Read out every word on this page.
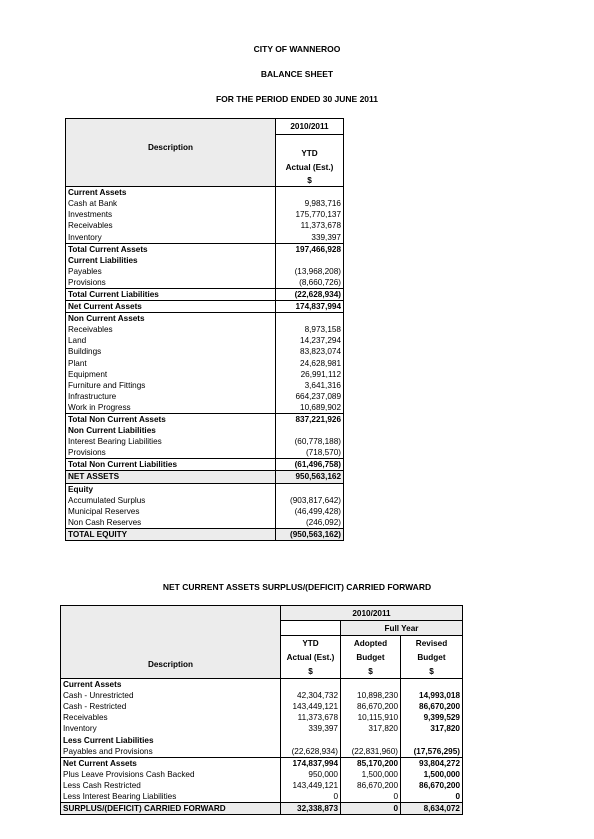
CITY OF WANNEROO
BALANCE SHEET
FOR THE PERIOD ENDED 30 JUNE 2011
Description	2010/2011

	YTD
	Actual (Est.)
	$
Current Assets	
Cash at Bank	9,983,716
Investments	175,770,137
Receivables	11,373,678
Inventory	339,397
Total Current Assets	197,466,928
Current Liabilities	
Payables	(13,968,208)
Provisions	(8,660,726)
Total Current Liabilities	(22,628,934)
Net Current Assets	174,837,994
Non Current Assets	
Receivables	8,973,158
Land	14,237,294
Buildings	83,823,074
Plant	24,628,981
Equipment	26,991,112
Furniture and Fittings	3,641,316
Infrastructure	664,237,089
Work in Progress	10,689,902
Total Non Current Assets	837,221,926
Non Current Liabilities	
Interest Bearing Liabilities	(60,778,188)
Provisions	(718,570)
Total Non Current Liabilities	(61,496,758)
NET ASSETS	950,563,162
Equity	
Accumulated Surplus	(903,817,642)
Municipal Reserves	(46,499,428)
Non Cash Reserves	(246,092)
TOTAL EQUITY	(950,563,162)
NET CURRENT ASSETS SURPLUS/(DEFICIT) CARRIED FORWARD
Description	2010/2011		
		Full Year	
	YTD	Adopted	Revised
	Actual (Est.)	Budget	Budget
	$	$	$
Current Assets			
Cash - Unrestricted	42,304,732	10,898,230	14,993,018
Cash - Restricted	143,449,121	86,670,200	86,670,200
Receivables	11,373,678	10,115,910	9,399,529
Inventory	339,397	317,820	317,820
Less Current Liabilities			
Payables and Provisions	(22,628,934)	(22,831,960)	(17,576,295)
Net Current Assets	174,837,994	85,170,200	93,804,272
Plus Leave Provisions Cash Backed	950,000	1,500,000	1,500,000
Less Cash Restricted	143,449,121	86,670,200	86,670,200
Less Interest Bearing Liabilities	0	0	0
SURPLUS/(DEFICIT) CARRIED FORWARD	32,338,873	0	8,634,072
